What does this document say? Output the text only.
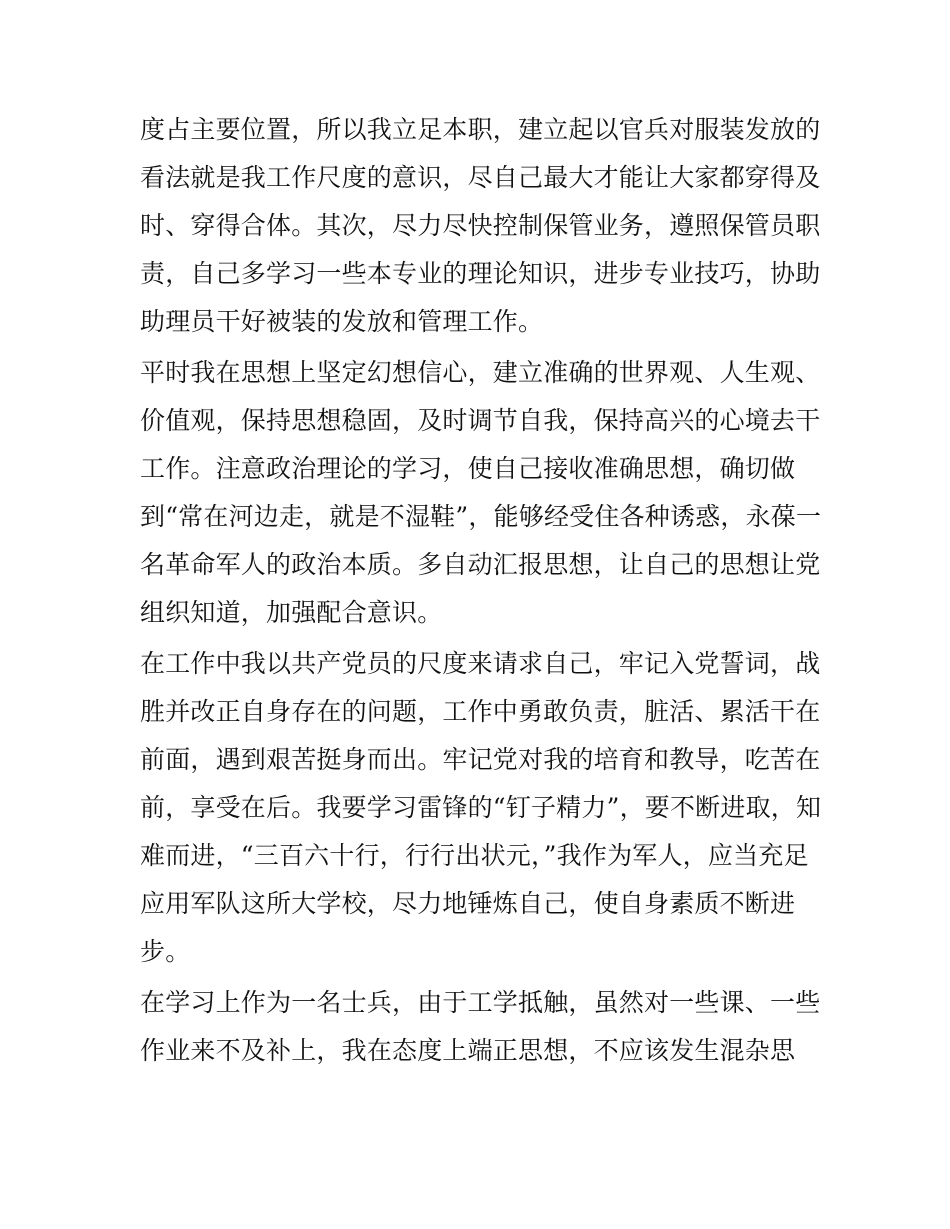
度占主要位置，所以我立足本职，建立起以官兵对服装发放的
看法就是我工作尺度的意识，尽自己最大才能让大家都穿得及
时、穿得合体。其次，尽力尽快控制保管业务，遵照保管员职
责，自己多学习一些本专业的理论知识，进步专业技巧，协助
助理员干好被装的发放和管理工作。
平时我在思想上坚定幻想信心，建立准确的世界观、人生观、
价值观，保持思想稳固，及时调节自我，保持高兴的心境去干
工作。注意政治理论的学习，使自己接收准确思想，确切做
到“常在河边走，就是不湿鞋”，能够经受住各种诱惑，永葆一
名革命军人的政治本质。多自动汇报思想，让自己的思想让党
组织知道，加强配合意识。
在工作中我以共产党员的尺度来请求自己，牢记入党誓词，战
胜并改正自身存在的问题，工作中勇敢负责，脏活、累活干在
前面，遇到艰苦挺身而出。牢记党对我的培育和教导，吃苦在
前，享受在后。我要学习雷锋的“钉子精力”，要不断进取，知
难而进，“三百六十行，行行出状元，”我作为军人，应当充足
应用军队这所大学校，尽力地锤炼自己，使自身素质不断进
步。
在学习上作为一名士兵，由于工学抵触，虽然对一些课、一些
作业来不及补上，我在态度上端正思想，不应该发生混杂思
